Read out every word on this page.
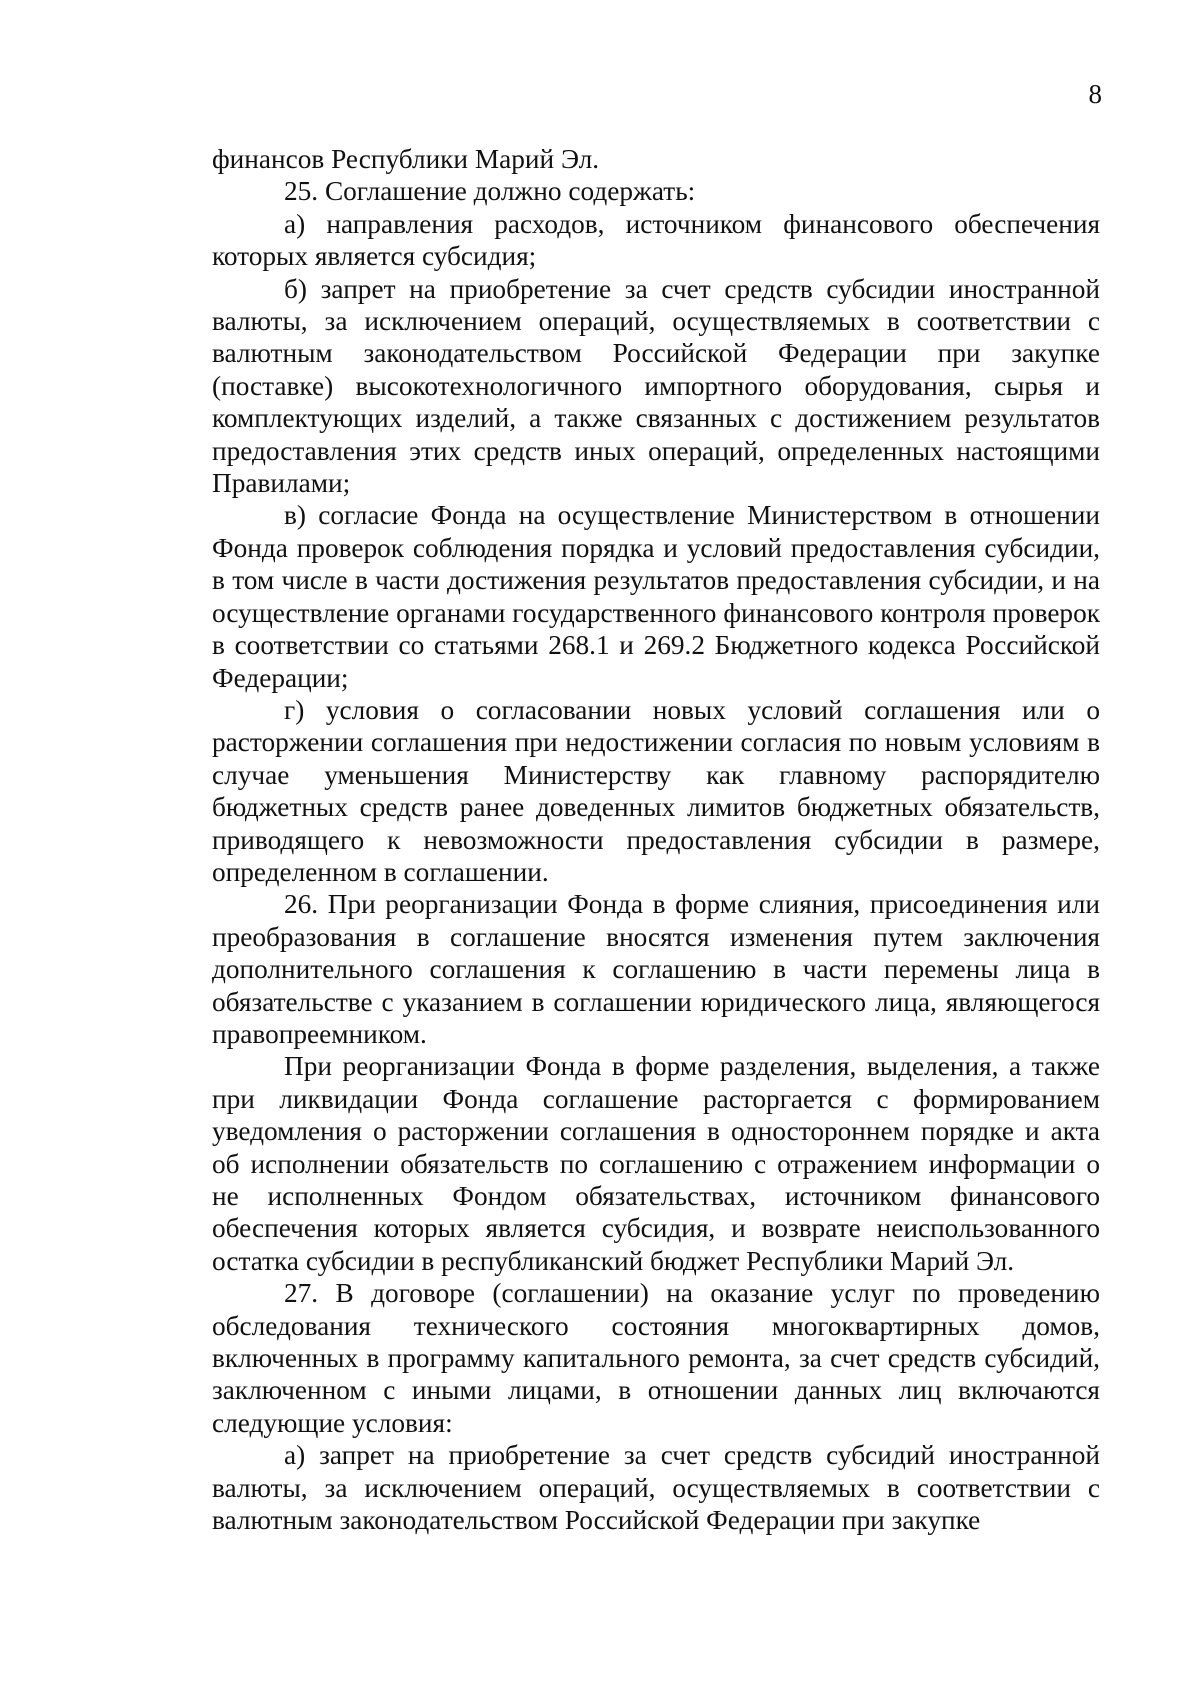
8

финансов Республики Марий Эл.

25. Соглашение должно содержать:

а) направления расходов, источником финансового обеспечения которых является субсидия;

б) запрет на приобретение за счет средств субсидии иностранной валюты, за исключением операций, осуществляемых в соответствии с валютным законодательством Российской Федерации при закупке (поставке) высокотехнологичного импортного оборудования, сырья и комплектующих изделий, а также связанных с достижением результатов предоставления этих средств иных операций, определенных настоящими Правилами;

в) согласие Фонда на осуществление Министерством в отношении Фонда проверок соблюдения порядка и условий предоставления субсидии, в том числе в части достижения результатов предоставления субсидии, и на осуществление органами государственного финансового контроля проверок в соответствии со статьями 268.1 и 269.2 Бюджетного кодекса Российской Федерации;

г) условия о согласовании новых условий соглашения или о расторжении соглашения при недостижении согласия по новым условиям в случае уменьшения Министерству как главному распорядителю бюджетных средств ранее доведенных лимитов бюджетных обязательств, приводящего к невозможности предоставления субсидии в размере, определенном в соглашении.

26. При реорганизации Фонда в форме слияния, присоединения или преобразования в соглашение вносятся изменения путем заключения дополнительного соглашения к соглашению в части перемены лица в обязательстве с указанием в соглашении юридического лица, являющегося правопреемником.

При реорганизации Фонда в форме разделения, выделения, а также при ликвидации Фонда соглашение расторгается с формированием уведомления о расторжении соглашения в одностороннем порядке и акта об исполнении обязательств по соглашению с отражением информации о не исполненных Фондом обязательствах, источником финансового обеспечения которых является субсидия, и возврате неиспользованного остатка субсидии в республиканский бюджет Республики Марий Эл.

27. В договоре (соглашении) на оказание услуг по проведению обследования технического состояния многоквартирных домов, включенных в программу капитального ремонта, за счет средств субсидий, заключенном с иными лицами, в отношении данных лиц включаются следующие условия:

а) запрет на приобретение за счет средств субсидий иностранной валюты, за исключением операций, осуществляемых в соответствии с валютным законодательством Российской Федерации при закупке
